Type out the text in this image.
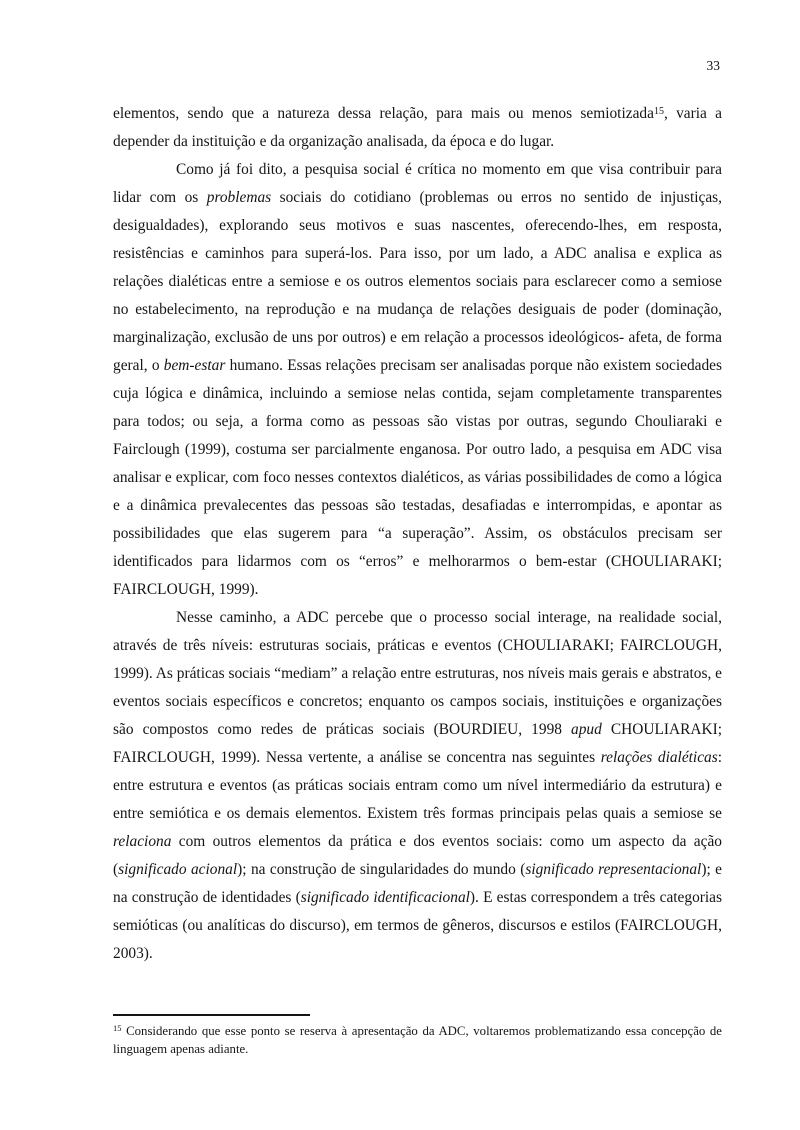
33

elementos, sendo que a natureza dessa relação, para mais ou menos semiotizada$^{15}$, varia a depender da instituição e da organização analisada, da época e do lugar.

Como já foi dito, a pesquisa social é crítica no momento em que visa contribuir para lidar com os problemas sociais do cotidiano (problemas ou erros no sentido de injustiças, desigualdades), explorando seus motivos e suas nascentes, oferecendo-lhes, em resposta, resistências e caminhos para superá-los. Para isso, por um lado, a ADC analisa e explica as relações dialéticas entre a semiose e os outros elementos sociais para esclarecer como a semiose no estabelecimento, na reprodução e na mudança de relações desiguais de poder (dominação, marginalização, exclusão de uns por outros) e em relação a processos ideológicos- afeta, de forma geral, o bem-estar humano. Essas relações precisam ser analisadas porque não existem sociedades cuja lógica e dinâmica, incluindo a semiose nelas contida, sejam completamente transparentes para todos; ou seja, a forma como as pessoas são vistas por outras, segundo Chouliaraki e Fairclough (1999), costuma ser parcialmente enganosa. Por outro lado, a pesquisa em ADC visa analisar e explicar, com foco nesses contextos dialéticos, as várias possibilidades de como a lógica e a dinâmica prevalecentes das pessoas são testadas, desafiadas e interrompidas, e apontar as possibilidades que elas sugerem para “a superação”. Assim, os obstáculos precisam ser identificados para lidarmos com os “erros” e melhorarmos o bem-estar (CHOULIARAKI; FAIRCLOUGH, 1999).

Nesse caminho, a ADC percebe que o processo social interage, na realidade social, através de três níveis: estruturas sociais, práticas e eventos (CHOULIARAKI; FAIRCLOUGH, 1999). As práticas sociais “mediam” a relação entre estruturas, nos níveis mais gerais e abstratos, e eventos sociais específicos e concretos; enquanto os campos sociais, instituições e organizações são compostos como redes de práticas sociais (BOURDIEU, 1998 apud CHOULIARAKI; FAIRCLOUGH, 1999). Nessa vertente, a análise se concentra nas seguintes relações dialéticas: entre estrutura e eventos (as práticas sociais entram como um nível intermediário da estrutura) e entre semiótica e os demais elementos. Existem três formas principais pelas quais a semiose se relaciona com outros elementos da prática e dos eventos sociais: como um aspecto da ação (significado acional); na construção de singularidades do mundo (significado representacional); e na construção de identidades (significado identificacional). E estas correspondem a três categorias semióticas (ou analíticas do discurso), em termos de gêneros, discursos e estilos (FAIRCLOUGH, 2003).

$^{15}$ Considerando que esse ponto se reserva à apresentação da ADC, voltaremos problematizando essa concepção de linguagem apenas adiante.
